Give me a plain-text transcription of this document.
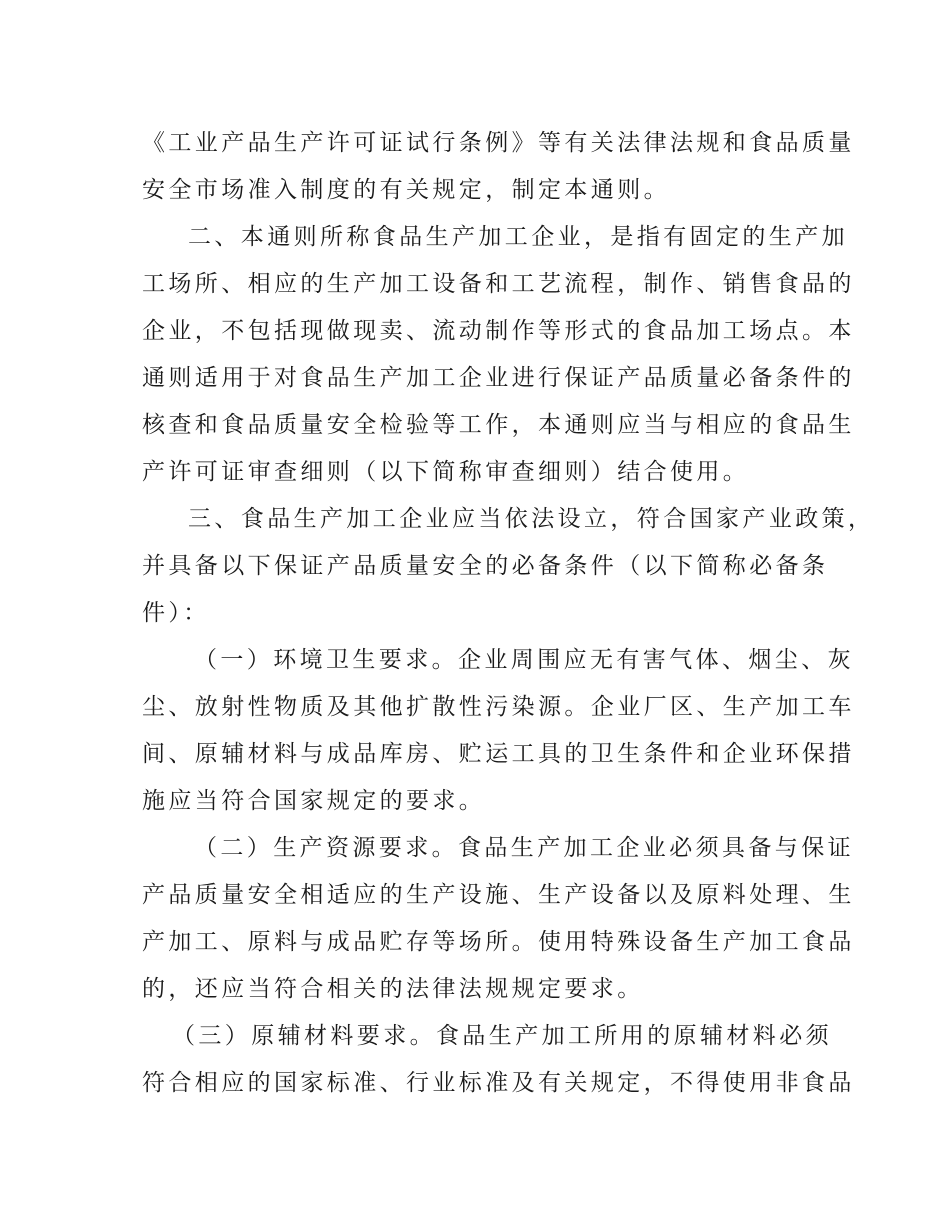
《工业产品生产许可证试行条例》等有关法律法规和食品质量
安全市场准入制度的有关规定，制定本通则。
二、本通则所称食品生产加工企业，是指有固定的生产加
工场所、相应的生产加工设备和工艺流程，制作、销售食品的
企业，不包括现做现卖、流动制作等形式的食品加工场点。本
通则适用于对食品生产加工企业进行保证产品质量必备条件的
核查和食品质量安全检验等工作，本通则应当与相应的食品生
产许可证审查细则（以下简称审查细则）结合使用。
三、食品生产加工企业应当依法设立，符合国家产业政策，
并具备以下保证产品质量安全的必备条件（以下简称必备条
件）：
（一）环境卫生要求。企业周围应无有害气体、烟尘、灰
尘、放射性物质及其他扩散性污染源。企业厂区、生产加工车
间、原辅材料与成品库房、贮运工具的卫生条件和企业环保措
施应当符合国家规定的要求。
（二）生产资源要求。食品生产加工企业必须具备与保证
产品质量安全相适应的生产设施、生产设备以及原料处理、生
产加工、原料与成品贮存等场所。使用特殊设备生产加工食品
的，还应当符合相关的法律法规规定要求。
（三）原辅材料要求。食品生产加工所用的原辅材料必须
符合相应的国家标准、行业标准及有关规定，不得使用非食品
